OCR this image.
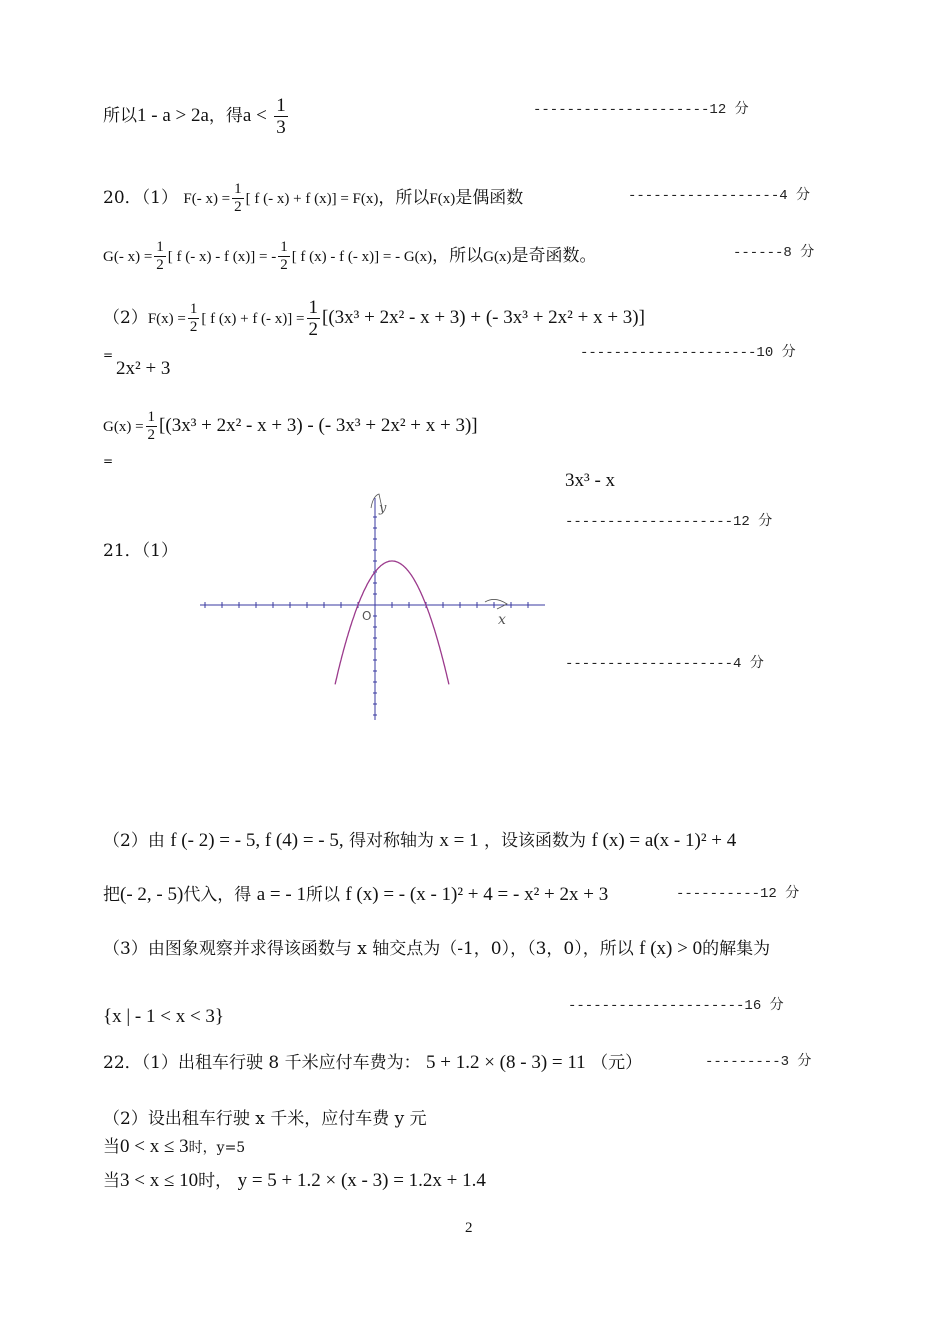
所以1 - a > 2a，得$a < \frac{1}{3}$	---------------------12 分
20．（1） F(- $x) = \frac{1}{2}$ [ f (- x) + f (x)] = F(x)，所以F(x)是偶函数	------------------4 分
G(- $x) = \frac{1}{2}$ [ f (- x) - f (x)] = - $\frac{1}{2}$ [ f (x) - f (- x)] = - G(x)，所以G(x)是奇函数。	------8 分
$(2)F(x) = \frac{1}{2}$ [ f (x) + f (- $x)] = \frac{1}{2} [(3x^3 + 2x^2 - x + 3)$ + (- 3x³ + 2x² + x + 3)]
=
2x² + 3
---------------------10 分
$G(x) = \frac{1}{2} [(3x^3 + 2x^2 - x + 3)$ - (- 3x³ + 2x² + x + 3)]
=
3x³ - x
--------------------12 分
21．（1）
--------------------4 分
x
y
O
（2）由 f (- 2) = - 5, f (4) = - 5, 得对称轴为 x = 1 ，设该函数为 f (x) = a(x - 1)² + 4
把(- 2, - 5)代入，得 a = - 1所以 f (x) = - (x - 1)² + 4 = - x² + 2x + 3	----------12 分
（3）由图象观察并求得该函数与 x 轴交点为（-1，0），（3，0），所以 f (x) > 0的解集为
{x | - 1 < x < 3}	---------------------16 分
22．（1）出租车行驶 8 千米应付车费为： 5 + 1.2 × (8 - 3) = 11 （元）	---------3 分
（2）设出租车行驶 x 千米，应付车费 y 元
当0 < x ≤ 3时，y=5
当3 < x ≤ 10时， y = 5 + 1.2 × (x - 3) = 1.2x + 1.4
2
